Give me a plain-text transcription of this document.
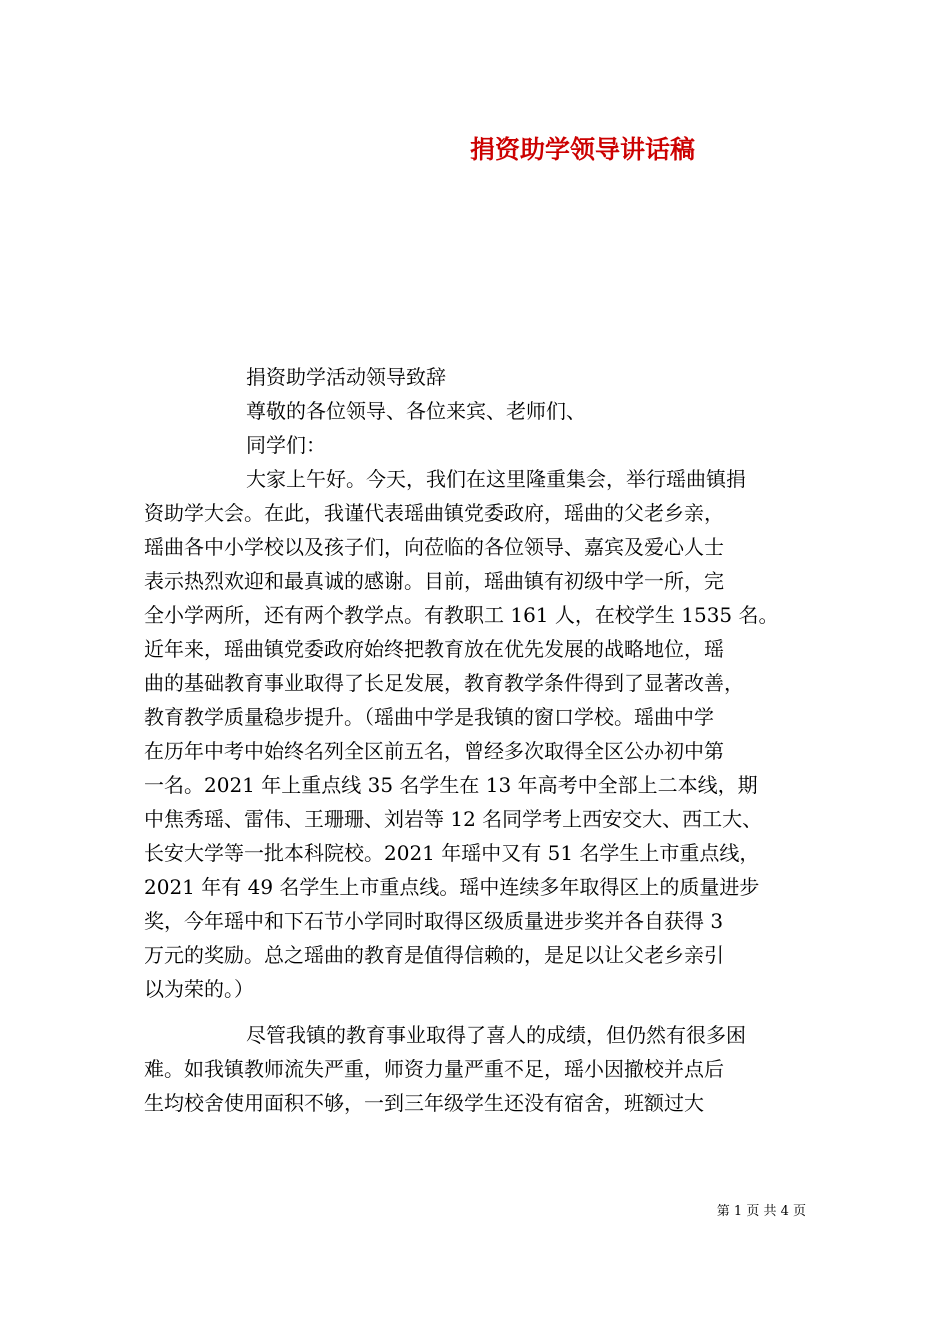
捐资助学领导讲话稿
捐资助学活动领导致辞
尊敬的各位领导、各位来宾、老师们、
同学们：
大家上午好。今天，我们在这里隆重集会，举行瑶曲镇捐
资助学大会。在此，我谨代表瑶曲镇党委政府，瑶曲的父老乡亲，
瑶曲各中小学校以及孩子们，向莅临的各位领导、嘉宾及爱心人士
表示热烈欢迎和最真诚的感谢。目前，瑶曲镇有初级中学一所，完
全小学两所，还有两个教学点。有教职工 161 人，在校学生 1535 名。
近年来，瑶曲镇党委政府始终把教育放在优先发展的战略地位，瑶
曲的基础教育事业取得了长足发展，教育教学条件得到了显著改善，
教育教学质量稳步提升。（瑶曲中学是我镇的窗口学校。瑶曲中学
在历年中考中始终名列全区前五名，曾经多次取得全区公办初中第
一名。2021 年上重点线 35 名学生在 13 年高考中全部上二本线，期
中焦秀瑶、雷伟、王珊珊、刘岩等 12 名同学考上西安交大、西工大、
长安大学等一批本科院校。2021 年瑶中又有 51 名学生上市重点线，
2021 年有 49 名学生上市重点线。瑶中连续多年取得区上的质量进步
奖，今年瑶中和下石节小学同时取得区级质量进步奖并各自获得 3
万元的奖励。总之瑶曲的教育是值得信赖的，是足以让父老乡亲引
以为荣的。）
尽管我镇的教育事业取得了喜人的成绩，但仍然有很多困
难。如我镇教师流失严重，师资力量严重不足，瑶小因撤校并点后
生均校舍使用面积不够，一到三年级学生还没有宿舍，班额过大
第 1 页 共 4 页
